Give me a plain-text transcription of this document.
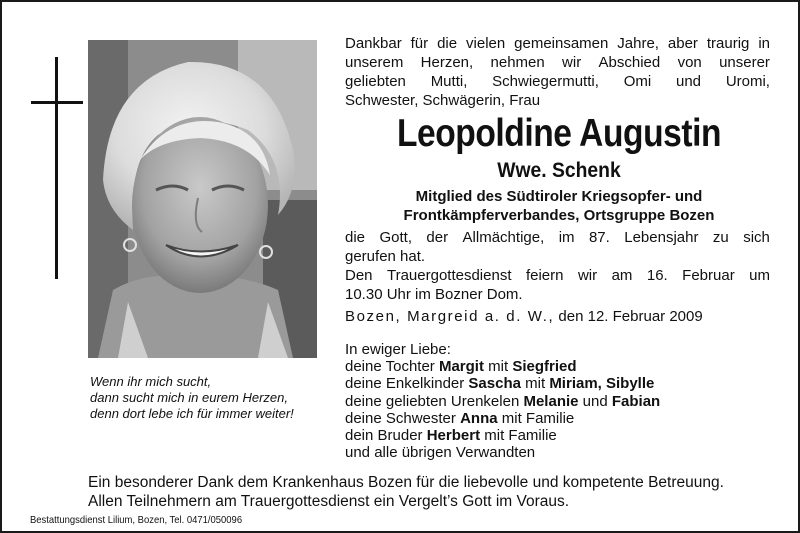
Wenn ihr mich sucht,
dann sucht mich in eurem Herzen,
denn dort lebe ich für immer weiter!
Dankbar für die vielen gemeinsamen Jahre, aber traurig in
unserem Herzen, nehmen wir Abschied von unserer
geliebten Mutti, Schwiegermutti, Omi und Uromi,
Schwester, Schwägerin, Frau
Leopoldine Augustin
Wwe. Schenk
Mitglied des Südtiroler Kriegsopfer- und
Frontkämpferverbandes, Ortsgruppe Bozen
die Gott, der Allmächtige, im 87. Lebensjahr zu sich
gerufen hat.
Den Trauergottesdienst feiern wir am 16. Februar um
10.30 Uhr im Bozner Dom.
Bozen, Margreid a. d. W., den 12. Februar 2009
In ewiger Liebe:
deine Tochter Margit mit Siegfried
deine Enkelkinder Sascha mit Miriam, Sibylle
deine geliebten Urenkelen Melanie und Fabian
deine Schwester Anna mit Familie
dein Bruder Herbert mit Familie
und alle übrigen Verwandten
Ein besonderer Dank dem Krankenhaus Bozen für die liebevolle und kompetente Betreuung.
Allen Teilnehmern am Trauergottesdienst ein Vergelt’s Gott im Voraus.
Bestattungsdienst Lilium, Bozen, Tel. 0471/050096
